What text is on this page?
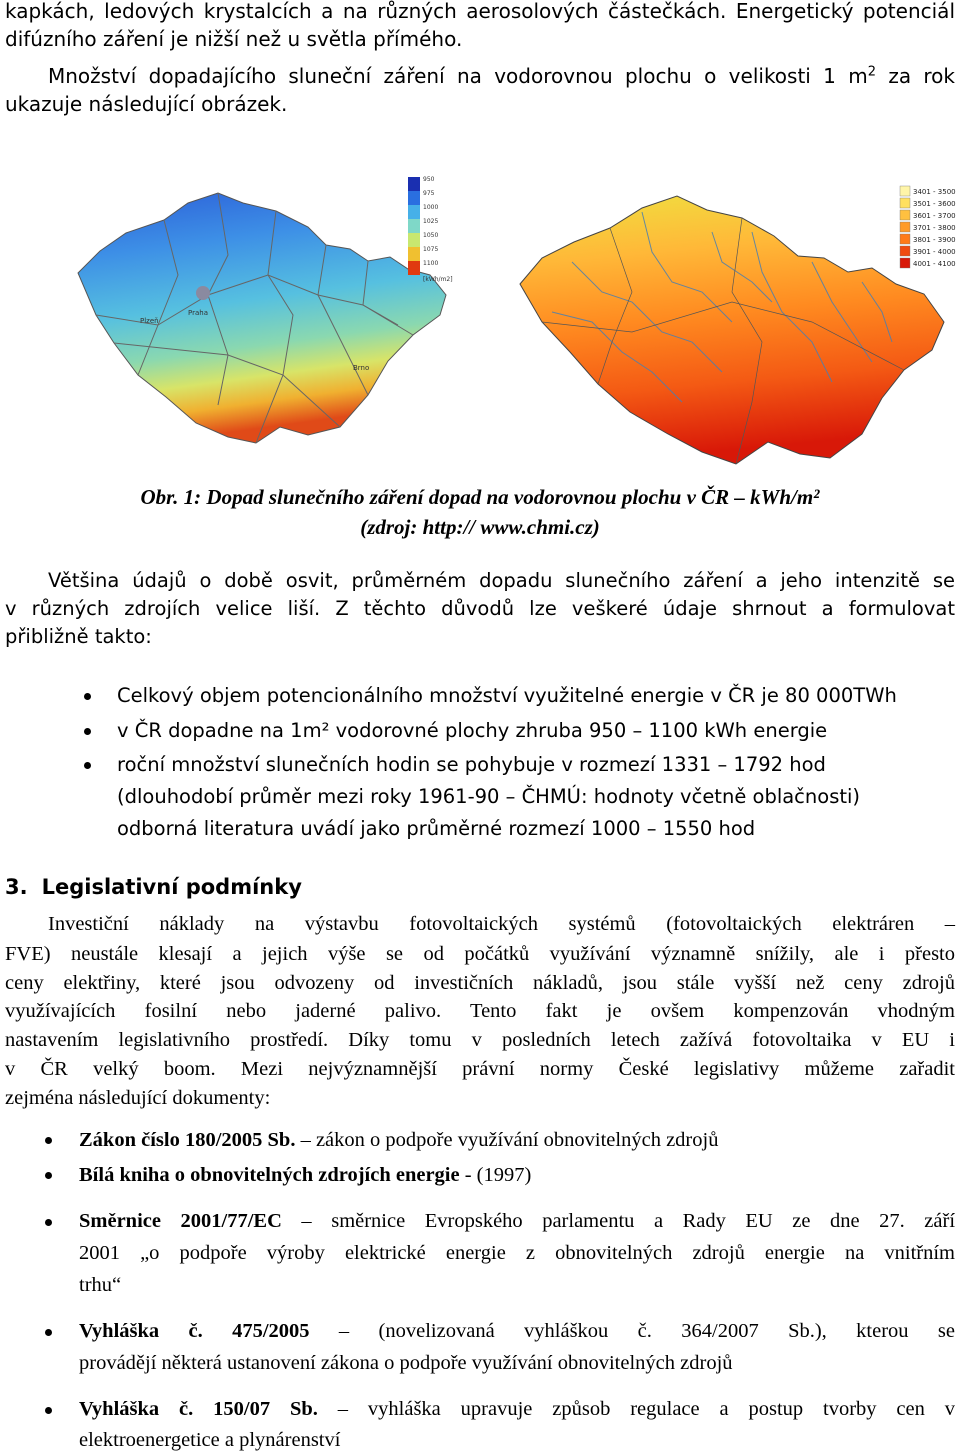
kapkách, ledových krystalcích a na různých aerosolových částečkách. Energetický potenciál
difúzního záření je nižší než u světla přímého.
Množství dopadajícího sluneční záření na vodorovnou plochu o velikosti 1 $m^2$ za rok
ukazuje následující obrázek.
Praha
Plzeň
Brno
950
975
1000
1025
1050
1075
1100
[kWh/m2]
3401 - 3500
3501 - 3600
3601 - 3700
3701 - 3800
3801 - 3900
3901 - 4000
4001 - 4100
Obr. 1: Dopad slunečního záření dopad na vodorovnou plochu v ČR – kWh/m²
(zdroj: http:// www.chmi.cz)
Většina údajů o době osvit, průměrném dopadu slunečního záření a jeho intenzitě se
v různých zdrojích velice liší. Z těchto důvodů lze veškeré údaje shrnout a formulovat
přibližně takto:
Celkový objem potencionálního množství využitelné energie v ČR je 80 000TWh
v ČR dopadne na 1m² vodorovné plochy zhruba 950 – 1100 kWh energie
roční množství slunečních hodin se pohybuje v rozmezí 1331 – 1792 hod
(dlouhodobí průměr mezi roky 1961-90 – ČHMÚ: hodnoty včetně oblačnosti)
odborná literatura uvádí jako průměrné rozmezí 1000 – 1550 hod
3. Legislativní podmínky
Investiční náklady na výstavbu fotovoltaických systémů (fotovoltaických elektráren –
FVE) neustále klesají a jejich výše se od počátků využívání významně snížily, ale i přesto
ceny elektřiny, které jsou odvozeny od investičních nákladů, jsou stále vyšší než ceny zdrojů
využívajících fosilní nebo jaderné palivo. Tento fakt je ovšem kompenzován vhodným
nastavením legislativního prostředí. Díky tomu v posledních letech zažívá fotovoltaika v EU i
v ČR velký boom. Mezi nejvýznamnější právní normy České legislativy můžeme zařadit
zejména následující dokumenty:
Zákon číslo 180/2005 Sb. – zákon o podpoře využívání obnovitelných zdrojů
Bílá kniha o obnovitelných zdrojích energie - (1997)
Směrnice 2001/77/EC – směrnice Evropského parlamentu a Rady EU ze dne 27. září
2001 „o podpoře výroby elektrické energie z obnovitelných zdrojů energie na vnitřním
trhu“
Vyhláška č. 475/2005 – (novelizovaná vyhláškou č. 364/2007 Sb.), kterou se
provádějí některá ustanovení zákona o podpoře využívání obnovitelných zdrojů
Vyhláška č. 150/07 Sb. – vyhláška upravuje způsob regulace a postup tvorby cen v
elektroenergetice a plynárenství
